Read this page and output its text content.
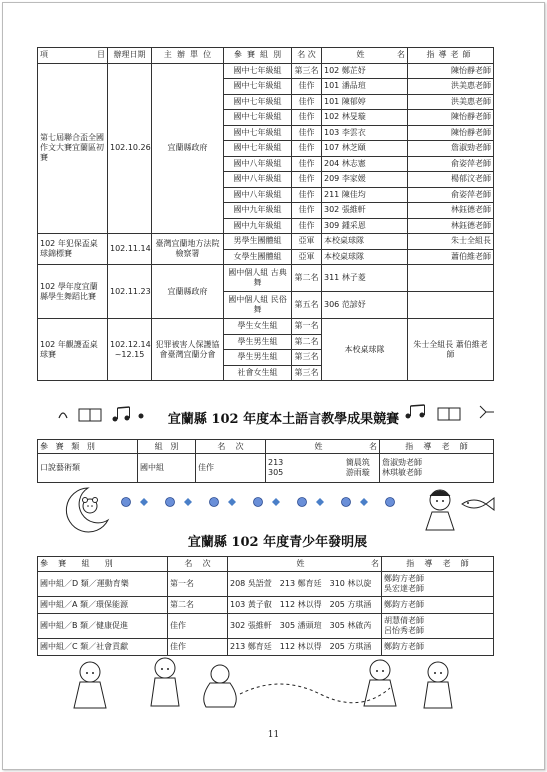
項 目	辦理日期	主 辦 單 位	參 賽 組 別	名 次	姓 名	指導老師
第七屆聯合盃全國作文大賽宜蘭區初賽	102.10.26	宜蘭縣政府	國中七年級組	第三名	102 鄭芷妤	陳怡靜老師
			國中七年級組	佳作	101 潘品瑄	洪美惠老師
			國中七年級組	佳作	101 陳郁婷	洪美惠老師
			國中七年級組	佳作	102 林旻璇	陳怡靜老師
			國中七年級組	佳作	103 李雲衣	陳怡靜老師
			國中七年級組	佳作	107 林芝頤	詹淑勁老師
			國中八年級組	佳作	204 林志憲	俞姿萍老師
			國中八年級組	佳作	209 李家媛	楊郁汶老師
			國中八年級組	佳作	211 陳佳均	俞姿萍老師
			國中九年級組	佳作	302 張維軒	林鈺德老師
			國中九年級組	佳作	309 鍾采恩	林鈺德老師
102 年犯保盃桌球錦標賽	102.11.14	臺灣宜蘭地方法院檢察署	男學生團體組	亞軍	本校桌球隊	朱士全組長
			女學生團體組	亞軍	本校桌球隊	蕭伯維老師
102 學年度宜蘭縣學生舞蹈比賽	102.11.23	宜蘭縣政府	國中個人組 古典舞	第二名	311 林子菱	
			國中個人組 民俗舞	第五名	306 范諺妤	
102 年觀護盃桌球賽	102.12.14 ~12.15	犯罪被害人保護協會臺灣宜蘭分會	學生女生組	第一名	本校桌球隊	朱士全組長 蕭伯維老師
			學生男生組	第二名		
			學生男生組	第三名		
			社會女生組	第三名		
宜蘭縣 102 年度本土語言教學成果競賽
參 賽 類 別	組 別	名 次	姓 名	指 導 老 師
口說藝術類	國中組	佳作	213 簡晨筑 305 游雨璇	詹淑勁老師 林琪敏老師
宜蘭縣 102 年度青少年發明展
參 賽 組 別	名 次	姓 名	指 導 老 師
國中組／D 類／運動育樂	第一名	208 吳語萱　213 鄭育廷　310 林以旋	鄭鈞方老師 吳宏達老師
國中組／A 類／環保能源	第二名	103 黃子叡　112 林以得　205 方琪涵	鄭鈞方老師
國中組／B 類／健康促進	佳作	302 張維軒　305 潘頭瑄　305 林啟芮	胡慧倩老師 呂怡秀老師
國中組／C 類／社會貢獻	佳作	213 鄭育廷　112 林以得　205 方琪涵	鄭鈞方老師
11
